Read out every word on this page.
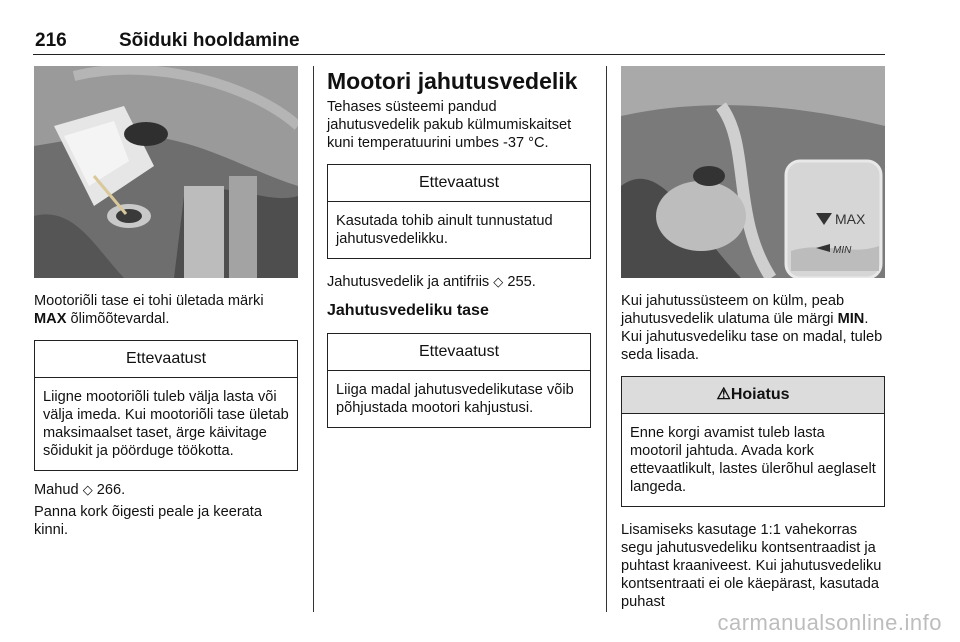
216	Sõiduki hooldamine

Mootoriõli tase ei tohi ületada märki MAX õlimõõtevardal.

Ettevaatust
Liigne mootoriõli tuleb välja lasta või välja imeda. Kui mootoriõli tase ületab maksimaalset taset, ärge käivitage sõidukit ja pöörduge töökotta.

Mahud ◇ 266.

Panna kork õigesti peale ja keerata kinni.

Mootori jahutusvedelik

Tehases süsteemi pandud jahutusvedelik pakub külmumiskaitset kuni temperatuurini umbes -37 °C.

Ettevaatust
Kasutada tohib ainult tunnustatud jahutusvedelikku.

Jahutusvedelik ja antifriis ◇ 255.

Jahutusvedeliku tase
Ettevaatust
Liiga madal jahutusvedelikutase võib põhjustada mootori kahjustusi.
MAX
MIN

Kui jahutussüsteem on külm, peab jahutusvedelik ulatuma üle märgi MIN. Kui jahutusvedeliku tase on madal, tuleb seda lisada.

⚠Hoiatus
Enne korgi avamist tuleb lasta mootoril jahtuda. Avada kork ettevaatlikult, lastes ülerõhul aeglaselt langeda.

Lisamiseks kasutage 1:1 vahekorras segu jahutusvedeliku kontsentraadist ja puhtast kraaniveest. Kui jahutusvedeliku kontsentraati ei ole käepärast, kasutada puhast

carmanualsonline.info
